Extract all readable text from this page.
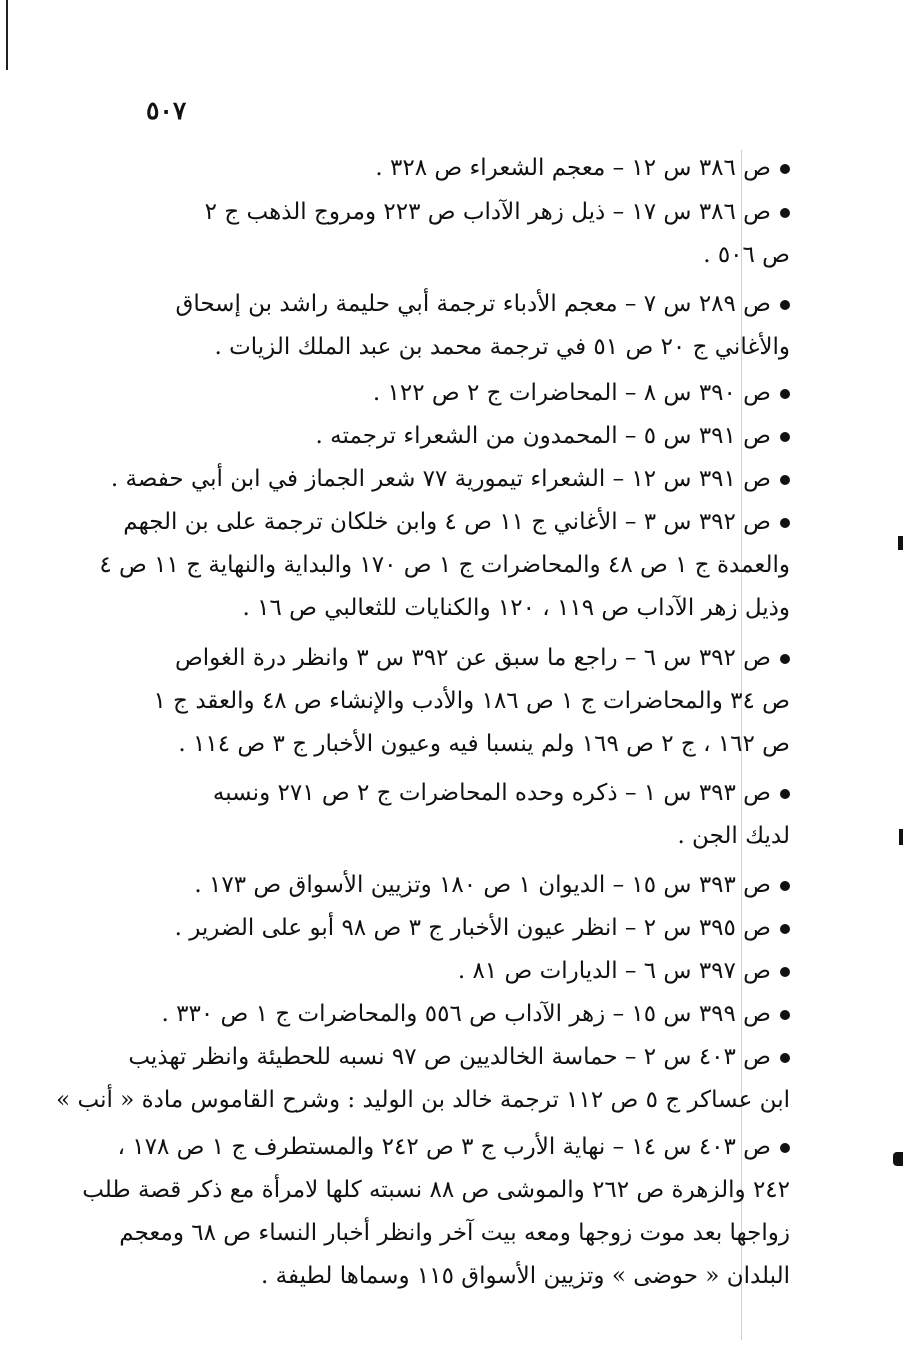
٥٠٧
ص ٣٨٦ س ١٢ – معجم الشعراء ص ٣٢٨ .
ص ٣٨٦ س ١٧ – ذيل زهر الآداب ص ٢٢٣ ومروج الذهب ج ٢
ص ٥٠٦ .
ص ٢٨٩ س ٧ – معجم الأدباء ترجمة أبي حليمة راشد بن إسحاق
والأغاني ج ٢٠ ص ٥١ في ترجمة محمد بن عبد الملك الزيات .
ص ٣٩٠ س ٨ – المحاضرات ج ٢ ص ١٢٢ .
ص ٣٩١ س ٥ – المحمدون من الشعراء ترجمته .
ص ٣٩١ س ١٢ – الشعراء تيمورية ٧٧ شعر الجماز في ابن أبي حفصة .
ص ٣٩٢ س ٣ – الأغاني ج ١١ ص ٤ وابن خلكان ترجمة على بن الجهم
والعمدة ج ١ ص ٤٨ والمحاضرات ج ١ ص ١٧٠ والبداية والنهاية ج ١١ ص ٤
وذيل زهر الآداب ص ١١٩ ، ١٢٠ والكنايات للثعالبي ص ١٦ .
ص ٣٩٢ س ٦ – راجع ما سبق عن ٣٩٢ س ٣ وانظر درة الغواص
ص ٣٤ والمحاضرات ج ١ ص ١٨٦ والأدب والإنشاء ص ٤٨ والعقد ج ١
ص ١٦٢ ، ج ٢ ص ١٦٩ ولم ينسبا فيه وعيون الأخبار ج ٣ ص ١١٤ .
ص ٣٩٣ س ١ – ذكره وحده المحاضرات ج ٢ ص ٢٧١ ونسبه
لديك الجن .
ص ٣٩٣ س ١٥ – الديوان ١ ص ١٨٠ وتزيين الأسواق ص ١٧٣ .
ص ٣٩٥ س ٢ – انظر عيون الأخبار ج ٣ ص ٩٨ أبو على الضرير .
ص ٣٩٧ س ٦ – الديارات ص ٨١ .
ص ٣٩٩ س ١٥ – زهر الآداب ص ٥٥٦ والمحاضرات ج ١ ص ٣٣٠ .
ص ٤٠٣ س ٢ – حماسة الخالديين ص ٩٧ نسبه للحطيئة وانظر تهذيب
ابن عساكر ج ٥ ص ١١٢ ترجمة خالد بن الوليد : وشرح القاموس مادة « أنب »
ص ٤٠٣ س ١٤ – نهاية الأرب ج ٣ ص ٢٤٢ والمستطرف ج ١ ص ١٧٨ ،
٢٤٢ والزهرة ص ٢٦٢ والموشى ص ٨٨ نسبته كلها لامرأة مع ذكر قصة طلب
زواجها بعد موت زوجها ومعه بيت آخر وانظر أخبار النساء ص ٦٨ ومعجم
البلدان « حوضى » وتزيين الأسواق ١١٥ وسماها لطيفة .
